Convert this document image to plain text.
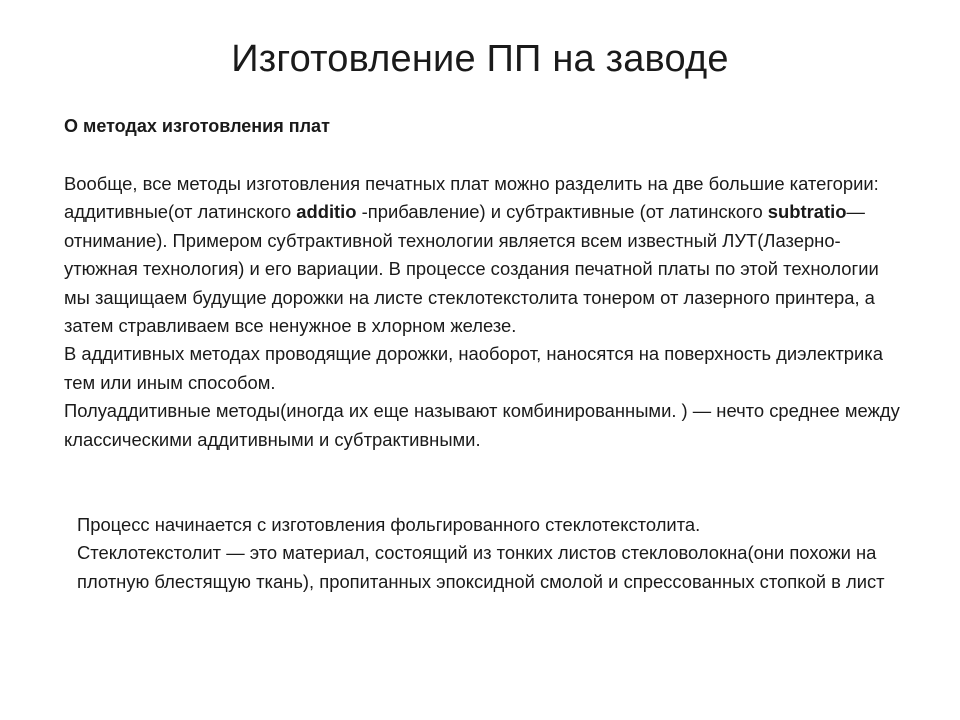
Изготовление ПП на заводе
О методах изготовления плат

Вообще, все методы изготовления печатных плат можно разделить на две большие категории: аддитивные(от латинского additio -прибавление) и субтрактивные (от латинского subtratio—отнимание). Примером субтрактивной технологии является всем известный ЛУТ(Лазерно-утюжная технология) и его вариации. В процессе создания печатной платы по этой технологии мы защищаем будущие дорожки на листе стеклотекстолита тонером от лазерного принтера, а затем стравливаем все ненужное в хлорном железе.

В аддитивных методах проводящие дорожки, наоборот, наносятся на поверхность диэлектрика тем или иным способом.

Полуаддитивные методы(иногда их еще называют комбинированными. ) — нечто среднее между классическими аддитивными и субтрактивными.

Процесс начинается с изготовления фольгированного стеклотекстолита.

Стеклотекстолит — это материал, состоящий из тонких листов стекловолокна(они похожи на плотную блестящую ткань), пропитанных эпоксидной смолой и спрессованных стопкой в лист
